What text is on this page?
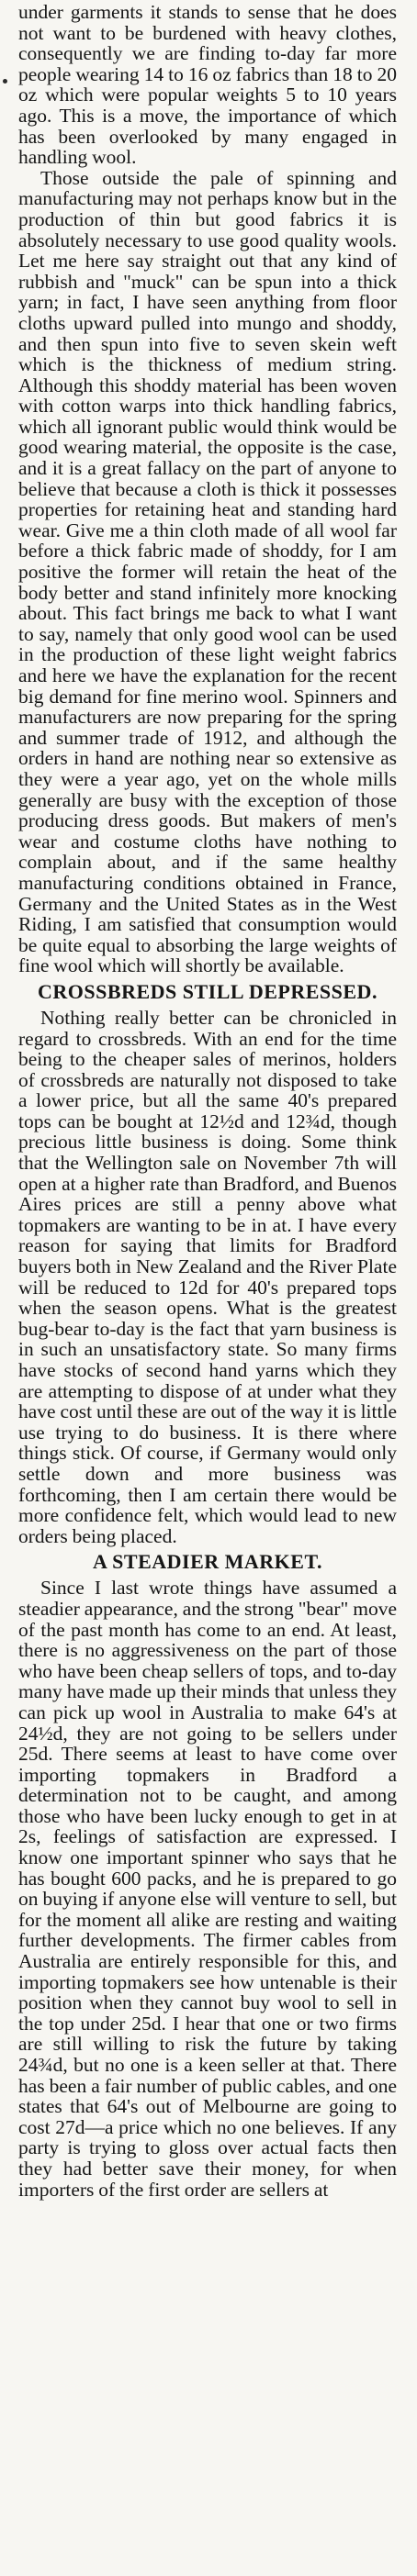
under garments it stands to sense that he does not want to be burdened with heavy clothes, consequently we are finding to-day far more people wearing 14 to 16 oz fabrics than 18 to 20 oz which were popular weights 5 to 10 years ago. This is a move, the importance of which has been overlooked by many engaged in handling wool.

Those outside the pale of spinning and manufacturing may not perhaps know but in the production of thin but good fabrics it is absolutely necessary to use good quality wools. Let me here say straight out that any kind of rubbish and "muck" can be spun into a thick yarn; in fact, I have seen anything from floor cloths upward pulled into mungo and shoddy, and then spun into five to seven skein weft which is the thickness of medium string. Although this shoddy material has been woven with cotton warps into thick handling fabrics, which all ignorant public would think would be good wearing material, the opposite is the case, and it is a great fallacy on the part of anyone to believe that because a cloth is thick it possesses properties for retaining heat and standing hard wear. Give me a thin cloth made of all wool far before a thick fabric made of shoddy, for I am positive the former will retain the heat of the body better and stand infinitely more knocking about. This fact brings me back to what I want to say, namely that only good wool can be used in the production of these light weight fabrics and here we have the explanation for the recent big demand for fine merino wool. Spinners and manufacturers are now preparing for the spring and summer trade of 1912, and although the orders in hand are nothing near so extensive as they were a year ago, yet on the whole mills generally are busy with the exception of those producing dress goods. But makers of men's wear and costume cloths have nothing to complain about, and if the same healthy manufacturing conditions obtained in France, Germany and the United States as in the West Riding, I am satisfied that consumption would be quite equal to absorbing the large weights of fine wool which will shortly be available.

CROSSBREDS STILL DEPRESSED.

Nothing really better can be chronicled in regard to crossbreds. With an end for the time being to the cheaper sales of merinos, holders of crossbreds are naturally not disposed to take a lower price, but all the same 40's prepared tops can be bought at 12½d and 12¾d, though precious little business is doing. Some think that the Wellington sale on November 7th will open at a higher rate than Bradford, and Buenos Aires prices are still a penny above what topmakers are wanting to be in at. I have every reason for saying that limits for Bradford buyers both in New Zealand and the River Plate will be reduced to 12d for 40's prepared tops when the season opens. What is the greatest bug-bear to-day is the fact that yarn business is in such an unsatisfactory state. So many firms have stocks of second hand yarns which they are attempting to dispose of at under what they have cost until these are out of the way it is little use trying to do business. It is there where things stick. Of course, if Germany would only settle down and more business was forthcoming, then I am certain there would be more confidence felt, which would lead to new orders being placed.

A STEADIER MARKET.

Since I last wrote things have assumed a steadier appearance, and the strong "bear" move of the past month has come to an end. At least, there is no aggressiveness on the part of those who have been cheap sellers of tops, and to-day many have made up their minds that unless they can pick up wool in Australia to make 64's at 24½d, they are not going to be sellers under 25d. There seems at least to have come over importing topmakers in Bradford a determination not to be caught, and among those who have been lucky enough to get in at 2s, feelings of satisfaction are expressed. I know one important spinner who says that he has bought 600 packs, and he is prepared to go on buying if anyone else will venture to sell, but for the moment all alike are resting and waiting further developments. The firmer cables from Australia are entirely responsible for this, and importing topmakers see how untenable is their position when they cannot buy wool to sell in the top under 25d. I hear that one or two firms are still willing to risk the future by taking 24¾d, but no one is a keen seller at that. There has been a fair number of public cables, and one states that 64's out of Melbourne are going to cost 27d—a price which no one believes. If any party is trying to gloss over actual facts then they had better save their money, for when importers of the first order are sellers at
